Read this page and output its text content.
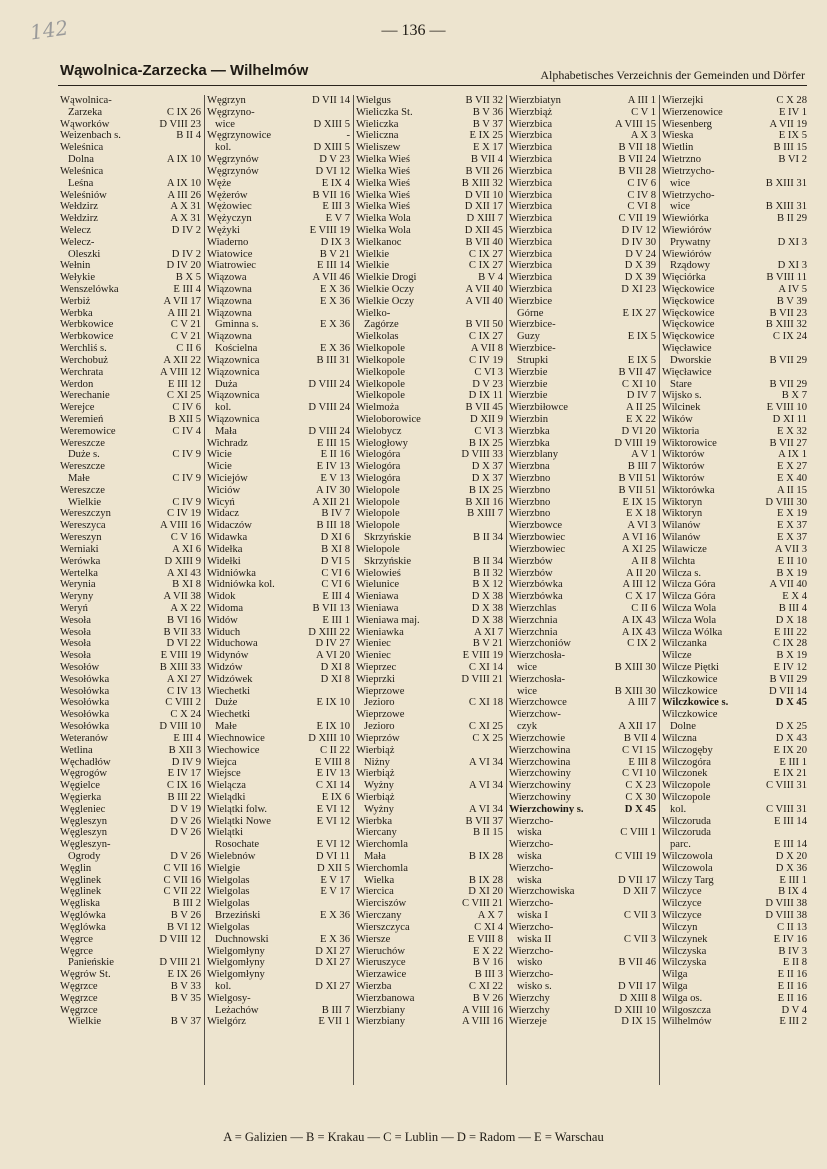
142	— 136 —
Wąwolnica-Zarzecka — Wilhelmów	Alphabetisches Verzeichnis der Gemeinden und Dörfer
Wąwolnica-
Zarzeka	C IX 26
Wąworków	D VIII 23
Weizenbach s.	B II 4
Weleśnica
Dolna	A IX 10
Weleśnica
Leśna	A IX 10
Weleśniów	A III 26
Wełdzirz	A X 31
Wełdzirz	A X 31
Welecz	D IV 2
Welecz-
Oleszki	D IV 2
Wełnin	D IV 20
Wełykie	B X 5
Wenszelówka	E III 4
Werbiż	A VII 17
Werbka	A III 21
Werbkowice	C V 21
Werbkowice	C V 21
Werchliś s.	C II 6
Werchobuż	A XII 22
Werchrata	A VIII 12
Werdon	E III 12
Werechanie	C XI 25
Werejce	C IV 6
Weremień	B XII 5
Weremowice	C IV 4
Wereszcze
Duże s.	C IV 9
Wereszcze
Małe	C IV 9
Wereszcze
Wielkie	C IV 9
Wereszczyn	C IV 19
Wereszyca	A VIII 16
Wereszyn	C V 16
Werniaki	A XI 6
Werówka	D XIII 9
Wertelka	A XI 43
Werynia	B XI 8
Weryny	A VII 38
Weryń	A X 22
Wesoła	B VI 16
Wesoła	B VII 33
Wesoła	D VI 22
Wesoła	E VIII 19
Wesołów	B XIII 33
Wesołówka	A XI 27
Wesołówka	C IV 13
Wesołówka	C VIII 2
Wesołówka	C X 24
Wesołówka	D VIII 10
Weteranów	E III 4
Wetlina	B XII 3
Węchadłów	D IV 9
Węgrogów	E IV 17
Węgielce	C IX 16
Węgierka	B III 22
Węgleniec	D V 19
Węgleszyn	D V 26
Węgleszyn	D V 26
Węgleszyn-
Ogrody	D V 26
Węglin	C VII 16
Węglinek	C VII 16
Węglinek	C VII 22
Węgliska	B III 2
Węglówka	B V 26
Węglówka	B VI 12
Węgrce	D VIII 12
Węgrce
Panieńskie	D VIII 21
Węgrów St.	E IX 26
Węgrzce	B V 33
Węgrzce	B V 35
Węgrzce
Wielkie	B V 37
Węgrzyn	D VII 14
Węgrzyno-
wice	D XIII 5
Węgrzynowice	-
kol.	D XIII 5
Węgrzynów	D V 23
Węgrzynów	D VI 12
Węże	E IX 4
Wężerów	B VII 16
Wężowiec	E III 3
Wężyczyn	E V 7
Wężyki	E VIII 19
Wiaderno	D IX 3
Wiatowice	B V 21
Wiatrowiec	E III 14
Wiązowa	A VII 46
Wiązowna	E X 36
Wiązowna	E X 36
Wiązowna
Gminna s.	E X 36
Wiązowna
Kościelna	E X 36
Wiązownica	B III 31
Wiązownica
Duża	D VIII 24
Wiązownica
kol.	D VIII 24
Wiązownica
Mała	D VIII 24
Wichradz	E III 15
Wicie	E II 16
Wicie	E IV 13
Wiciejów	E V 13
Wiciów	A IV 30
Wicyń	A XII 21
Widacz	B IV 7
Widaczów	B III 18
Widawka	D XI 6
Widełka	B XI 8
Widełki	D VI 5
Widniówka	C VI 6
Widniówka kol.	C VI 6
Widok	E III 4
Widoma	B VII 13
Widów	E III 1
Widuch	D XIII 22
Widuchowa	D IV 27
Widynów	A VI 20
Widzów	D XI 8
Widzówek	D XI 8
Wiechetki
Duże	E IX 10
Wiechetki
Małe	E IX 10
Wiechnowice	D XIII 10
Wiechowice	C II 22
Wiejca	E VIII 8
Wiejsce	E IV 13
Wielącza	C XI 14
Wielądki	E IX 6
Wielątki folw.	E VI 12
Wielątki Nowe	E VI 12
Wielątki
Rosochate	E VI 12
Wielebnów	D VI 11
Wielgie	D XII 5
Wielgolas	E V 17
Wielgolas	E V 17
Wielgolas
Brzeziński	E X 36
Wielgolas
Duchnowski	E X 36
Wielgomłyny	D XI 27
Wielgomłyny	D XI 27
Wielgomłyny
kol.	D XI 27
Wielgosy-
Leżachów	B III 7
Wielgórz	E VII 1
Wielgus	B VII 32
Wieliczka St.	B V 36
Wieliczka	B V 37
Wieliczna	E IX 25
Wieliszew	E X 17
Wielka Wieś	B VII 4
Wielka Wieś	B VII 26
Wielka Wieś	B XIII 32
Wielka Wieś	D VII 10
Wielka Wieś	D XII 17
Wielka Wola	D XIII 7
Wielka Wola	D XII 45
Wielkanoc	B VII 40
Wielkie	C IX 27
Wielkie	C IX 27
Wielkie Drogi	B V 4
Wielkie Oczy	A VII 40
Wielkie Oczy	A VII 40
Wielko-
Zagórze	B VII 50
Wielkolas	C IX 27
Wielkopole	A VII 8
Wielkopole	C IV 19
Wielkopole	C VI 3
Wielkopole	D V 23
Wielkopole	D IX 11
Wielmoża	B VII 45
Wieloborowice	D XII 9
Wielobycz	C VI 3
Wielogłowy	B IX 25
Wielogóra	D VIII 33
Wielogóra	D X 37
Wielogóra	D X 37
Wielopole	B IX 25
Wielopole	B XII 16
Wielopole	B XIII 7
Wielopole
Skrzyńskie	B II 34
Wielopole
Skrzyńskie	B II 34
Wielowieś	B II 32
Wielunice	B X 12
Wieniawa	D X 38
Wieniawa	D X 38
Wieniawa maj.	D X 38
Wieniawka	A XI 7
Wieniec	B V 21
Wieniec	E VIII 19
Wieprzec	C XI 14
Wieprzki	D VIII 21
Wieprzowe
Jezioro	C XI 18
Wieprzowe
Jezioro	C XI 25
Wieprzów	C X 25
Wierbiąż
Niżny	A VI 34
Wierbiąż
Wyżny	A VI 34
Wierbiąż
Wyżny	A VI 34
Wierbka	B VII 37
Wiercany	B II 15
Wierchomla
Mała	B IX 28
Wierchomla
Wielka	B IX 28
Wiercica	D XI 20
Wierciszów	C VIII 21
Wierczany	A X 7
Wierszczyca	C XI 4
Wiersze	E VIII 8
Wieruchów	E X 22
Wieruszyce	B V 16
Wierzawice	B III 3
Wierzba	C XI 22
Wierzbanowa	B V 26
Wierzbiany	A VIII 16
Wierzbiany	A VIII 16
Wierzbiatyn	A III 1
Wierzbiąż	C V 1
Wierzbica	A VIII 15
Wierzbica	A X 3
Wierzbica	B VII 18
Wierzbica	B VII 24
Wierzbica	B VII 28
Wierzbica	C IV 6
Wierzbica	C IV 8
Wierzbica	C VI 8
Wierzbica	C VII 19
Wierzbica	D IV 12
Wierzbica	D IV 30
Wierzbica	D V 24
Wierzbica	D X 39
Wierzbica	D X 39
Wierzbica	D XI 23
Wierzbice
Górne	E IX 27
Wierzbice-
Guzy	E IX 5
Wierzbice-
Strupki	E IX 5
Wierzbie	B VII 47
Wierzbie	C XI 10
Wierzbie	D IV 7
Wierzbiłowce	A II 25
Wierzbin	E X 22
Wierzbka	D VI 20
Wierzbka	D VIII 19
Wierzblany	A V 1
Wierzbna	B III 7
Wierzbno	B VII 51
Wierzbno	B VII 51
Wierzbno	E IX 15
Wierzbno	E X 18
Wierzbowce	A VI 3
Wierzbowiec	A VI 16
Wierzbowiec	A XI 25
Wierzbów	A II 8
Wierzbów	A II 20
Wierzbówka	A III 12
Wierzbówka	C X 17
Wierzchlas	C II 6
Wierzchnia	A IX 43
Wierzchnia	A IX 43
Wierzchoniów	C IX 2
Wierzchosła-
wice	B XIII 30
Wierzchosła-
wice	B XIII 30
Wierzchowce	A III 7
Wierzchow-
czyk	A XII 17
Wierzchowie	B VII 4
Wierzchowina	C VI 15
Wierzchowina	E III 8
Wierzchowiny	C VI 10
Wierzchowiny	C X 23
Wierzchowiny	C X 30
Wierzchowiny s.	D X 45
Wierzcho-
wiska	C VIII 1
Wierzcho-
wiska	C VIII 19
Wierzcho-
wiska	D VII 17
Wierzchowiska	D XII 7
Wierzcho-
wiska I	C VII 3
Wierzcho-
wiska II	C VII 3
Wierzcho-
wisko	B VII 46
Wierzcho-
wisko s.	D VII 17
Wierzchy	D XIII 8
Wierzchy	D XIII 10
Wierzeje	D IX 15
Wierzejki	C X 28
Wierzenowice	E IV 1
Wiesenberg	A VII 19
Wieska	E IX 5
Wietlin	B III 15
Wietrzno	B VI 2
Wietrzycho-
wice	B XIII 31
Wietrzycho-
wice	B XIII 31
Wiewiórka	B II 29
Wiewiórów
Prywatny	D XI 3
Wiewiórów
Rządowy	D XI 3
Więciórka	B VIII 11
Więckowice	A IV 5
Więckowice	B V 39
Więckowice	B VII 23
Więckowice	B XIII 32
Więckowice	C IX 24
Więcławice
Dworskie	B VII 29
Więcławice
Stare	B VII 29
Wijsko s.	B X 7
Wilcinek	E VIII 10
Wików	D XI 11
Wiktoria	E X 32
Wiktorowice	B VII 27
Wiktorów	A IX 1
Wiktorów	E X 27
Wiktorów	E X 40
Wiktorówka	A II 15
Wiktoryn	D VIII 30
Wiktoryn	E X 19
Wilanów	E X 37
Wilanów	E X 37
Wilawicze	A VII 3
Wilchta	E II 10
Wilcza s.	B X 19
Wilcza Góra	A VII 40
Wilcza Góra	E X 4
Wilcza Wola	B III 4
Wilcza Wola	D X 18
Wilcza Wólka	E III 22
Wilczanka	C IX 28
Wilcze	B X 19
Wilcze Piętki	E IV 12
Wilczkowice	B VII 29
Wilczkowice	D VII 14
Wilczkowice s.	D X 45
Wilczkowice
Dolne	D X 25
Wilczna	D X 43
Wilczogęby	E IX 20
Wilczogóra	E III 1
Wilczonek	E IX 21
Wilczopole	C VIII 31
Wilczopole
kol.	C VIII 31
Wilczoruda	E III 14
Wilczoruda
parc.	E III 14
Wilczowola	D X 20
Wilczowola	D X 36
Wilczy Targ	E III 1
Wilczyce	B IX 4
Wilczyce	D VIII 38
Wilczyce	D VIII 38
Wilczyn	C II 13
Wilczynek	E IV 16
Wilczyska	B IV 3
Wilczyska	E II 8
Wilga	E II 16
Wilga	E II 16
Wilga os.	E II 16
Wilgoszcza	D V 4
Wilhelmów	E III 2
A = Galizien — B = Krakau — C = Lublin — D = Radom — E = Warschau
